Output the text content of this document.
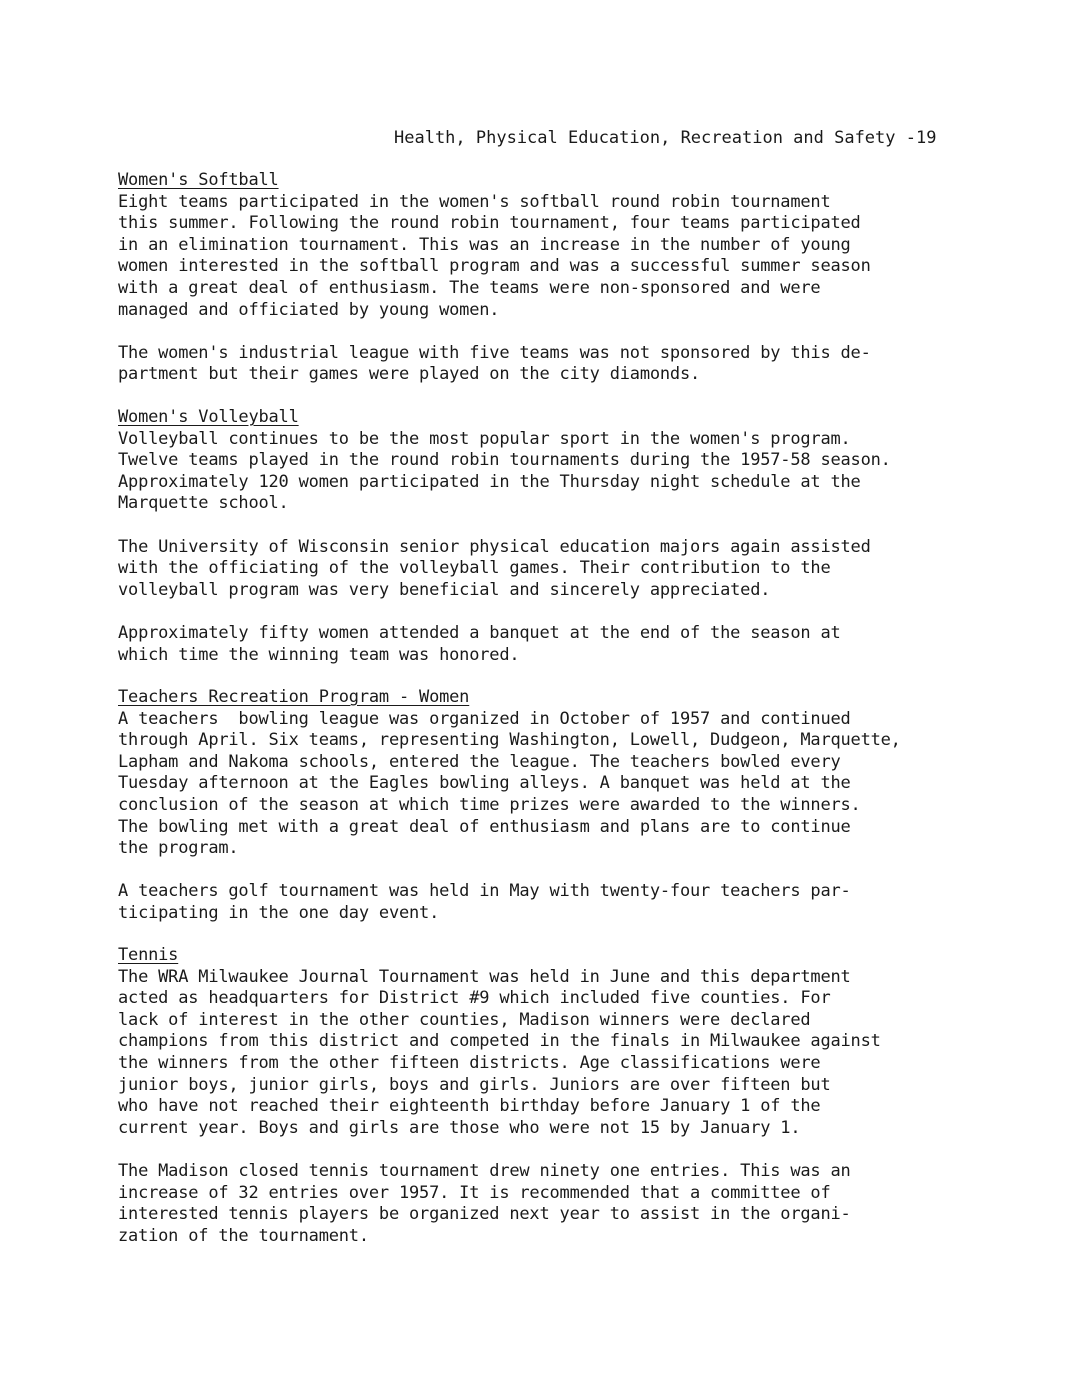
Health, Physical Education, Recreation and Safety -19
Women's Softball
Eight teams participated in the women's softball round robin tournament
this summer. Following the round robin tournament, four teams participated
in an elimination tournament. This was an increase in the number of young
women interested in the softball program and was a successful summer season
with a great deal of enthusiasm. The teams were non-sponsored and were
managed and officiated by young women.
The women's industrial league with five teams was not sponsored by this de-
partment but their games were played on the city diamonds.
Women's Volleyball
Volleyball continues to be the most popular sport in the women's program.
Twelve teams played in the round robin tournaments during the 1957-58 season.
Approximately 120 women participated in the Thursday night schedule at the
Marquette school.
The University of Wisconsin senior physical education majors again assisted
with the officiating of the volleyball games. Their contribution to the
volleyball program was very beneficial and sincerely appreciated.
Approximately fifty women attended a banquet at the end of the season at
which time the winning team was honored.
Teachers Recreation Program - Women
A teachers  bowling league was organized in October of 1957 and continued
through April. Six teams, representing Washington, Lowell, Dudgeon, Marquette,
Lapham and Nakoma schools, entered the league. The teachers bowled every
Tuesday afternoon at the Eagles bowling alleys. A banquet was held at the
conclusion of the season at which time prizes were awarded to the winners.
The bowling met with a great deal of enthusiasm and plans are to continue
the program.
A teachers golf tournament was held in May with twenty-four teachers par-
ticipating in the one day event.
Tennis
The WRA Milwaukee Journal Tournament was held in June and this department
acted as headquarters for District #9 which included five counties. For
lack of interest in the other counties, Madison winners were declared
champions from this district and competed in the finals in Milwaukee against
the winners from the other fifteen districts. Age classifications were
junior boys, junior girls, boys and girls. Juniors are over fifteen but
who have not reached their eighteenth birthday before January 1 of the
current year. Boys and girls are those who were not 15 by January 1.
The Madison closed tennis tournament drew ninety one entries. This was an
increase of 32 entries over 1957. It is recommended that a committee of
interested tennis players be organized next year to assist in the organi-
zation of the tournament.
